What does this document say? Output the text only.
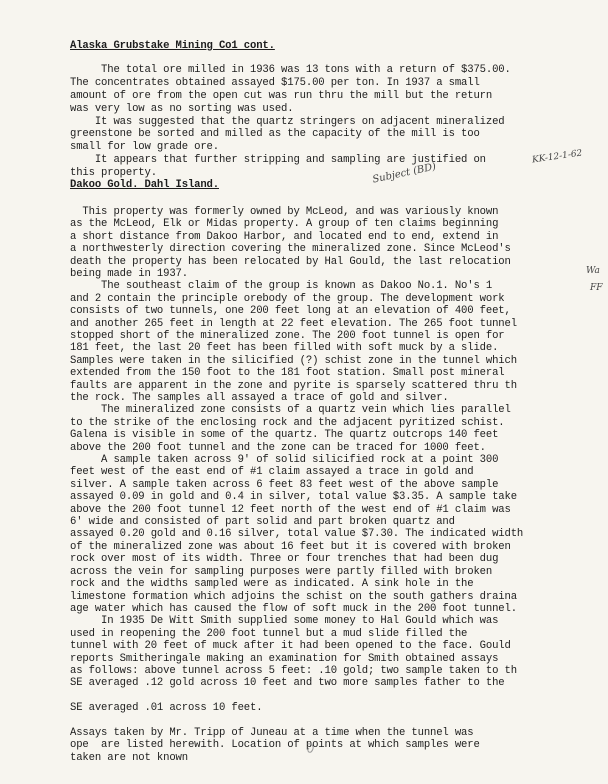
Alaska Grubstake Mining Co1 cont.
The total ore milled in 1936 was 13 tons with a return of $375.00.
The concentrates obtained assayed $175.00 per ton. In 1937 a small
amount of ore from the open cut was run thru the mill but the return
was very low as no sorting was used.
It was suggested that the quartz stringers on adjacent mineralized
greenstone be sorted and milled as the capacity of the mill is too
small for low grade ore.
It appears that further stripping and sampling are justified on
this property.
Dakoo Gold. Dahl Island.
This property was formerly owned by McLeod, and was variously known
as the McLeod, Elk or Midas property. A group of ten claims beginning
a short distance from Dakoo Harbor, and located end to end, extend in
a northwesterly direction covering the mineralized zone. Since McLeod's
death the property has been relocated by Hal Gould, the last relocation
being made in 1937.
The southeast claim of the group is known as Dakoo No.1. No's 1
and 2 contain the principle orebody of the group. The development work
consists of two tunnels, one 200 feet long at an elevation of 400 feet,
and another 265 feet in length at 22 feet elevation. The 265 foot tunnel
stopped short of the mineralized zone. The 200 foot tunnel is open for
181 feet, the last 20 feet has been filled with soft muck by a slide.
Samples were taken in the silicified (?) schist zone in the tunnel which
extended from the 150 foot to the 181 foot station. Small post mineral
faults are apparent in the zone and pyrite is sparsely scattered thru th
the rock. The samples all assayed a trace of gold and silver.
The mineralized zone consists of a quartz vein which lies parallel
to the strike of the enclosing rock and the adjacent pyritized schist.
Galena is visible in some of the quartz. The quartz outcrops 140 feet
above the 200 foot tunnel and the zone can be traced for 1000 feet.
A sample taken across 9' of solid silicified rock at a point 300
feet west of the east end of #1 claim assayed a trace in gold and
silver. A sample taken across 6 feet 83 feet west of the above sample
assayed 0.09 in gold and 0.4 in silver, total value $3.35. A sample take
above the 200 foot tunnel 12 feet north of the west end of #1 claim was
6' wide and consisted of part solid and part broken quartz and
assayed 0.20 gold and 0.16 silver, total value $7.30. The indicated width
of the mineralized zone was about 16 feet but it is covered with broken
rock over most of its width. Three or four trenches that had been dug
across the vein for sampling purposes were partly filled with broken
rock and the widths sampled were as indicated. A sink hole in the
limestone formation which adjoins the schist on the south gathers draina
age water which has caused the flow of soft muck in the 200 foot tunnel.
In 1935 De Witt Smith supplied some money to Hal Gould which was
used in reopening the 200 foot tunnel but a mud slide filled the
tunnel with 20 feet of muck after it had been opened to the face. Gould
reports Smitheringale making an examination for Smith obtained assays
as follows: above tunnel across 5 feet: .10 gold; two sample taken to th
SE averaged .12 gold across 10 feet and two more samples father to the

SE averaged .01 across 10 feet.

Assays taken by Mr. Tripp of Juneau at a time when the tunnel was
ope  are listed herewith. Location of points at which samples were
taken are not known
KK-12-1-62
Subject (BD)
Wa
FF
